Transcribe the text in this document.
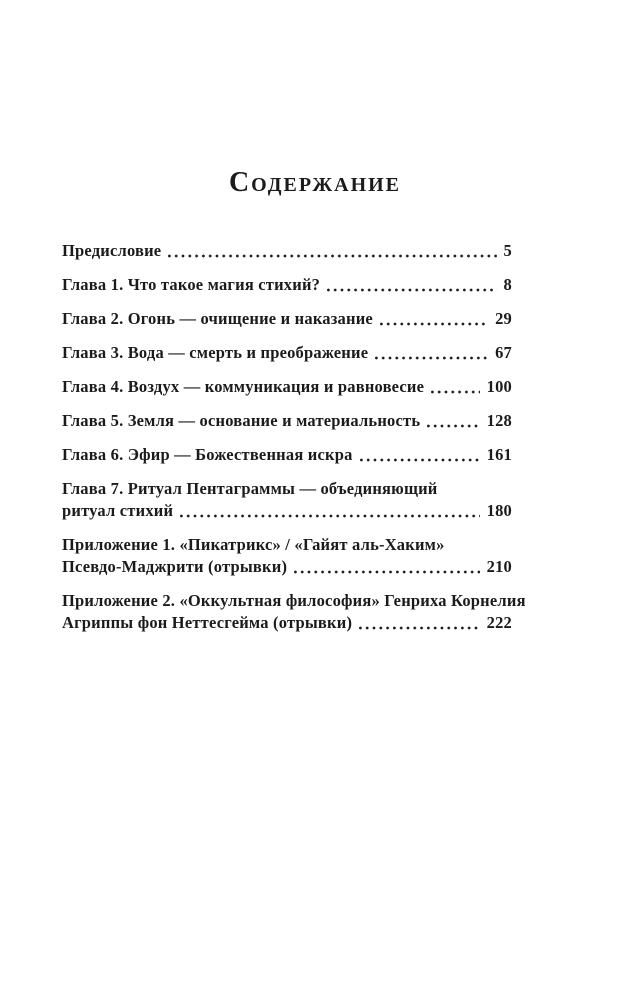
Содержание
Предисловие	5
Глава 1. Что такое магия стихий?	8
Глава 2. Огонь — очищение и наказание	29
Глава 3. Вода — смерть и преображение	67
Глава 4. Воздух — коммуникация и равновесие	100
Глава 5. Земля — основание и материальность	128
Глава 6. Эфир — Божественная искра	161
Глава 7. Ритуал Пентаграммы — объединяющий
ритуал стихий	180
Приложение 1. «Пикатрикс» / «Гайят аль-Хаким»
Псевдо-Маджрити (отрывки)	210
Приложение 2. «Оккультная философия» Генриха Корнелия
Агриппы фон Неттесгейма (отрывки)	222
